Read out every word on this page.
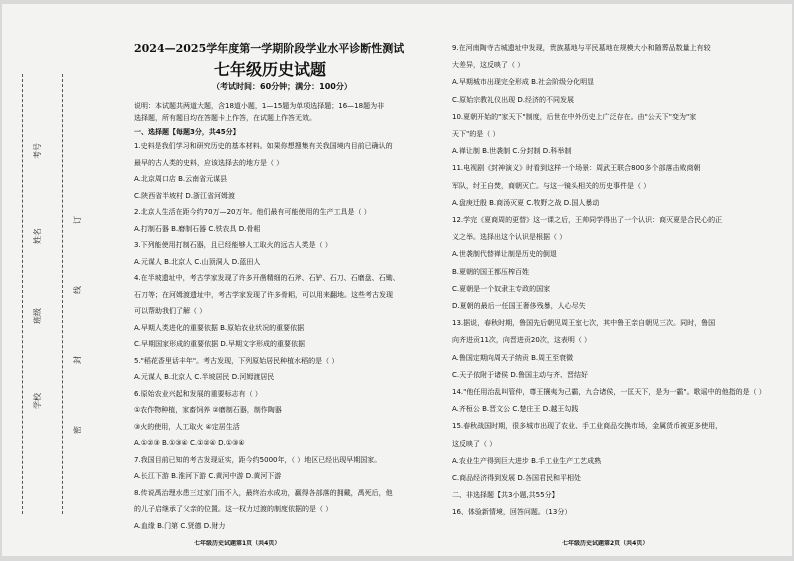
学校
班级
姓名
考号
密
封
线
订
2024—2025学年度第一学期阶段学业水平诊断性测试
七年级历史试题
（考试时间：60分钟；满分：100分）
说明：本试题共两道大题，含18道小题，1—15题为单项选择题；16—18题为非
选择题，所有题目均在答题卡上作答，在试题上作答无效。
一、选择题【每题3分，共45分】
1.史料是我们学习和研究历史的基本材料。如果你想搜集有关我国境内目前已确认的
最早的古人类的史料，应该选择去的地方是（ ）
A.北京周口店 B.云南省元谋县
C.陕西省半坡村 D.浙江省河姆渡
2.北京人生活在距今约70万—20万年。他们最有可能使用的生产工具是（ ）
A.打制石器 B.磨制石器 C.铁农具 D.骨耜
3.下列能使用打制石器，且已经能够人工取火的远古人类是（ ）
A.元谋人 B.北京人 C.山顶洞人 D.蓝田人
4.在半坡遗址中，考古学家发现了许多开凿精细的石斧、石铲、石刀、石磨盘、石锄、
石刀等；在河姆渡遗址中，考古学家发现了许多骨耜，可以用来翻地。这些考古发现
可以帮助我们了解（ ）
A.早期人类进化的重要依据 B.原始农业状况的重要依据
C.早期国家形成的重要依据 D.早期文字形成的重要依据
5."稻花香里话丰年"。考古发现，下列原始居民种植水稻的是（ ）
A.元谋人 B.北京人 C.半坡居民 D.河姆渡居民
6.原始农业兴起和发展的重要标志有（ ）
①农作物种植，家畜饲养 ②磨制石器，制作陶器
③火的使用，人工取火 ④定居生活
A.①②③ B.①③④ C.①②④ D.①③④
7.我国目前已知的考古发现证实，距今约5000年，（ ）地区已经出现早期国家。
A.长江下游 B.淮河下游 C.黄河中游 D.黄河下游
8.传说禹治理水患三过家门而不入，最终治水成功，赢得各部落的拥戴，禹死后，他
的儿子启继承了父亲的位置。这一权力过渡的制度依据的是（ ）
A.血缘 B.门第 C.贤德 D.财力
七年级历史试题第1页（共4页）
9.在河南陶寺古城遗址中发现，贵族墓地与平民墓地在规模大小和随葬品数量上有较
大差异，这反映了（ ）
A.早期城市出现完全形成 B.社会阶级分化明显
C.原始宗教礼仪出现 D.经济的不同发展
10.夏朝开始的"家天下"制度，后世在中外历史上广泛存在。由"公天下"变为"家
天下"的是（ ）
A.禅让制 B.世袭制 C.分封制 D.科举制
11.电视剧《封神演义》时看到这样一个场景：周武王联合800多个部落击败商朝
军队，纣王自焚，商朝灭亡。与这一镜头相关的历史事件是（ ）
A.盘庚迁殷 B.商汤灭夏 C.牧野之战 D.国人暴动
12.学完《夏商周的更替》这一课之后，王帅同学得出了一个认识：商灭夏是合民心的正
义之举。选择出这个认识是根据（ ）
A.世袭制代替禅让制是历史的倒退
B.夏朝的国王都压榨百姓
C.夏朝是一个奴隶主专政的国家
D.夏朝的最后一任国王奢侈残暴，人心尽失
13.据说，春秋时期，鲁国先后朝见周王室七次，其中鲁王亲自朝见三次。同时，鲁国
向齐进贡11次，向晋进贡20次，这表明（ ）
A.鲁国定期向周天子纳贡 B.周王至衰微
C.天子依附于诸侯 D.鲁国主动与齐、晋结好
14."他任用治乱叫管仲，尊王攘夷为己霸，九合诸侯，一匡天下，是为一霸"。歌谣中的他指的是（ ）
A.齐桓公 B.晋文公 C.楚庄王 D.越王勾践
15.春秋战国时期，很多城市出现了农业、手工业商品交换市场，金属货币被更多使用，
这反映了（ ）
A.农业生产得到巨大进步 B.手工业生产工艺成熟
C.商品经济得到发展 D.各国君民和平相处
二、非选择题【共3小题,共55分】
16、体验新情境，回答问题。（13分）
七年级历史试题第2页（共4页）
